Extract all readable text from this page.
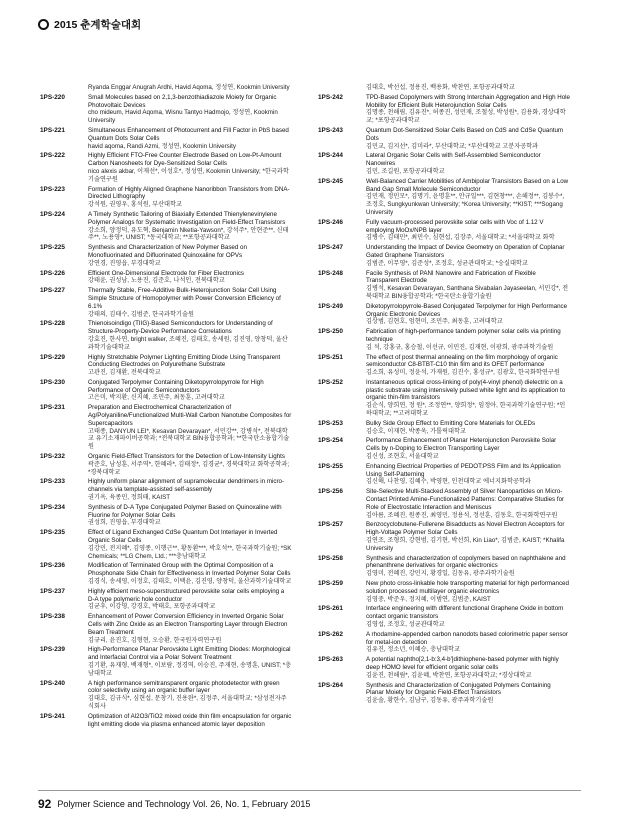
2015 춘계학술대회
Ryanda Enggar Anugrah Ardhi, Havid Aqoma, 정성연, Kookmin University
1PS-220	Small Molecules based on 2,1,3-benzothiadiazole Moiety for Organic Photovoltaic Devices
cho mideum, Havid Aqoma, Wisnu Tantyo Hadmojo, 정성연, Kookmin University
1PS-221	Simultaneous Enhancement of Photocurrent and Fill Factor in PbS based Quantum Dots Solar Cells
havid aqoma, Randi Azmi, 정성연, Kookmin University
1PS-222	Highly Efficient FTO-Free Counter Electrode Based on Low-Pt-Amount Carbon Nanosheets for Dye-Sensitized Solar Cells
nico alexis akbar, 이재선*, 이성호*, 정성연, Kookmin University; *한국과학기술연구원
1PS-223	Formation of Highly Aligned Graphene Nanoribbon Transistors from DNA-Directed Lithography
강석원, 권영우, 홍석원, 부산대학교
1PS-224	A Timely Synthetic Tailoring of Biaxially Extended Thienylenevinylene Polymer Analogs for Systematic Investigation on Field-Effect Transistors
강소희, 양정덕, 유도혁, Benjamin Nketia-Yawson*, 강석주*, 안현준**, 신태주**, 노용영*, UNIST; *동국대학교; **포항공과대학교
1PS-225	Synthesis and Characterization of New Polymer Based on Monofluorinated and Difluorinated Quinoxaline for OPVs
강연경, 진영읍, 부경대학교
1PS-226	Efficient One-Dimensional Electrode for Fiber Electronics
강태윤, 권성남, 노용진, 김준호, 나석인, 전북대학교
1PS-227	Thermally Stable, Free-Additive Bulk-Heterojunction Solar Cell Using Simple Structure of Homopolymer with Power Conversion Efficiency of 6.1%
강태의, 김태수, 김범준, 한국과학기술원
1PS-228	Thienoisoindigo (TIIG)-Based Semiconductors for Understanding of Structure-Property-Device Performance Correlations
강효진, 한사연, bright walker, 조혜진, 김태호, 송세원, 김진영, 양창덕, 울산과학기술대학교
1PS-229	Highly Stretchable Polymer Lighting Emitting Diode Using Transparent Conducting Electrodes on Polyurethane Substrate
고관진, 김재환, 전북대학교
1PS-230	Conjugated Terpolymer Containing Diketopyrrolopyrrole for High Performance of Organic Semiconductors
고은미, 박지환, 신지혜, 조민주, 최동훈, 고려대학교
1PS-231	Preparation and Electrochemical Characterization of Ag/Polyaniline/Functionalized Multi-Wall Carbon Nanotube Composites for Supercapacitors
고태종, DANYUN LEI*, Kesavan Devarayan*, 서민강**, 강병석*, 전북대학교 유기소재파이버공학과; *전북대학교 BIN융합공학과; **한국탄소융합기술원
1PS-232	Organic Field-Effect Transistors for the Detection of Low-Intensity Lights
곽준호, 남성훈, 서주역*, 한혜라*, 김태정*, 김경균*, 경북대학교 화학공학과; *경북대학교
1PS-233	Highly uniform planar alignment of supramolecular dendrimers in micro-channels via template-assisted self-assembly
권기옥, 육종민, 정희태, KAIST
1PS-234	Synthesis of D-A Type Conjugated Polymer Based on Quinoxaline with Fluorine for Polymer Solar Cells
권성희, 진영읍, 부경대학교
1PS-235	Effect of Ligand Exchanged CdSe Quantum Dot Interlayer in Inverted Organic Solar Cells
김강민, 전지혜*, 김영종, 이행근**, 황동환***, 박호석**, 한국과학기술원; *SK Chemicals; **LG Chem, Ltd.; ***충남대학교
1PS-236	Modification of Terminated Group with the Optimal Composition of a Phosphonate Side Chain for Effectiveness in Inverted Polymer Solar Cells
김경식, 송세영, 이정호, 김태호, 이택윤, 김진영, 양창덕, 울산과학기술대학교
1PS-237	Highly efficient meso-superstructured perovskite solar cells employing a D-A type polymeric hole conductor
김균우, 이강영, 강경호, 박태호, 포항공과대학교
1PS-238	Enhancement of Power Conversion Efficiency in Inverted Organic Solar Cells with Zinc Oxide as an Electron Transporting Layer through Electron Beam Treatment
김규리, 윤진호, 김형현, 오승환, 한국원자력연구원
1PS-239	High-Performance Planar Perovskite Light Emitting Diodes: Morphological and Interfacial Control via a Polar Solvent Treatment
김기환, 유재형, 백재형*, 이보람, 정경역, 이승진, 주재현, 송명훈, UNIST; *충남대학교
1PS-240	A high performance semitransparent organic photodetector with green color selectivity using an organic buffer layer
김대호, 김규식*, 심현섭, 문창기, 진용완*, 김정주, 서울대학교; *삼성전자주식회사
1PS-241	Optimization of Al2O3/TiO2 mixed oxide thin film encapsulation for organic light emitting diode via plasma enhanced atomic layer deposition
김대호, 박선섭, 정용진, 백용화, 박찬연, 포항공과대학교
1PS-242	TPD-Based Copolymers with Strong Interchain Aggregation and High Hole Mobility for Efficient Bulk Heterojunction Solar Cells
김명종, 천해림, 김유진*, 허종진, 성민재, 조철성, 박성원*, 김용화, 경상대학교; *포항공과대학교
1PS-243	Quantum Dot-Sensitized Solar Cells Based on CdS and CdSe Quantum Dots
김민교, 김지선*, 김미라*, 부산대학교; *부산대학교 고분자공학과
1PS-244	Lateral Organic Solar Cells with Self-Assembled Semiconductor Nanowires
김민, 조길원, 포항공과대학교
1PS-245	Well-Balanced Carrier Mobilities of Ambipolar Transistors Based on a Low Band Gap Small Molecule Semiconductor
김민재, 정민모*, 김명기, 윤명훈**, 안규일***, 김현창***, 손해정**, 김봉수*, 조정호, Sungkyunkwan University; *Korea University; **KIST; ***Sogang University
1PS-246	Fully vacuum-processed perovskite solar cells with Voc of 1.12 V employing MoOx/NPB layer
김병수, 김태민*, 최민수, 심현섭, 김장주, 서울대학교; *서울대학교 화학
1PS-247	Understanding the Impact of Device Geometry on Operation of Coplanar Gated Graphene Transistors
김범준, 이무영*, 김준성*, 조정호, 성균관대학교; *숭실대학교
1PS-248	Facile Synthesis of PANI Nanowire and Fabrication of Flexible Transparent Electrode
김병석, Kesavan Devarayan, Santhana Sivabalan Jayaseelan, 서민강*, 전북대학교 BIN융합공학과; *한국탄소융합기술원
1PS-249	Diketopyrrolopyrrole-Based Conjugated Terpolymer for High Performance Organic Electronic Devices
김상범, 김현호, 엄현미, 조민주, 최동훈, 고려대학교
1PS-250	Fabrication of high-performance tandem polymer solar cells via printing technique
김 석, 강홍규, 홍승철, 이선규, 이민진, 김재현, 이광희, 광주과학기술원
1PS-251	The effect of post thermal annealing on the film morphology of organic semiconductor C8-BTBT-C10 thin film and its OFET performance
김소희, 유성미, 정윤석, 가재원, 김진수, 홍성규*, 김광호, 한국화학연구원
1PS-252	Instantaneous optical cross-linking of poly(4-vinyl phenol) dielectric on a plastic substrate using intensively pulsed white light and its application to organic thin-film transistors
김순식, 양희연, 정 원*, 조정연**, 양희정*, 임정아, 한국과학기술연구원; *인하대학교; **고려대학교
1PS-253	Bulky Side Group Effect to Emitting Core Materials for OLEDs
김승호, 이재현, 박종욱, 가톨릭대학교
1PS-254	Performance Enhancement of Planar Heterojunction Perovskite Solar Cells by n-Doping to Electron Transporting Layer
김신성, 조현호, 서울대학교
1PS-255	Enhancing Electrical Properties of PEDOT:PSS Film and Its Application Using Self-Patterning
김신해, 나찬영, 김혜수, 박영현, 인천대학교 에너지화학공학과
1PS-256	Site-Selective Multi-Stacked Assembly of Silver Nanoparticles on Micro-Contact Printed Amine-Functionalized Patterns: Comparative Studies for Role of Electrostatic Interaction and Meniscus
김아름, 조혜진, 원종진, 최영민, 정용석, 정선훈, 김동호, 한국화학연구원
1PS-257	Benzocyclobutene-Fullerene Bisadducts as Novel Electron Acceptors for High-Voltage Polymer Solar Cells
김연조, 조형희, 강현범, 김기현, 박선희, Kin Liao*, 김범준, KAIST; *Khalifa University
1PS-258	Synthesis and characterization of copolymers based on naphthalene and phenanthrene derivatives for organic electronics
김영미, 전혜진, 강민지, 황경일, 김동유, 광주과학기술원
1PS-259	New photo cross-linkable hole transporting material for high performanced solution processed multilayer organic electronics
김영중, 박준우, 정지혜, 이범연, 김범준, KAIST
1PS-261	Interface engineering with different functional Graphene Oxide in bottom contact organic transistors
김영섭, 조정호, 성균관대학교
1PS-262	A rhodamine-appended carbon nanodots based colorimetric paper sensor for metal-ion detection
김유진, 정소년, 이혜승, 충남대학교
1PS-263	A potential naphtho[2,1-b:3,4-b']dithiophene-based polymer with highly deep HOMO level for efficient organic solar cells
김윤진, 천해림*, 김윤혜, 박찬연, 포항공과대학교; *경상대학교
1PS-264	Synthesis and Characterization of Conjugated Polymers Containing Planar Moiety for Organic Field-Effect Transistors
김윤솔, 황한수, 김남구, 김동유, 광주과학기술원
92 Polymer Science and Technology Vol. 26, No. 1, February 2015
